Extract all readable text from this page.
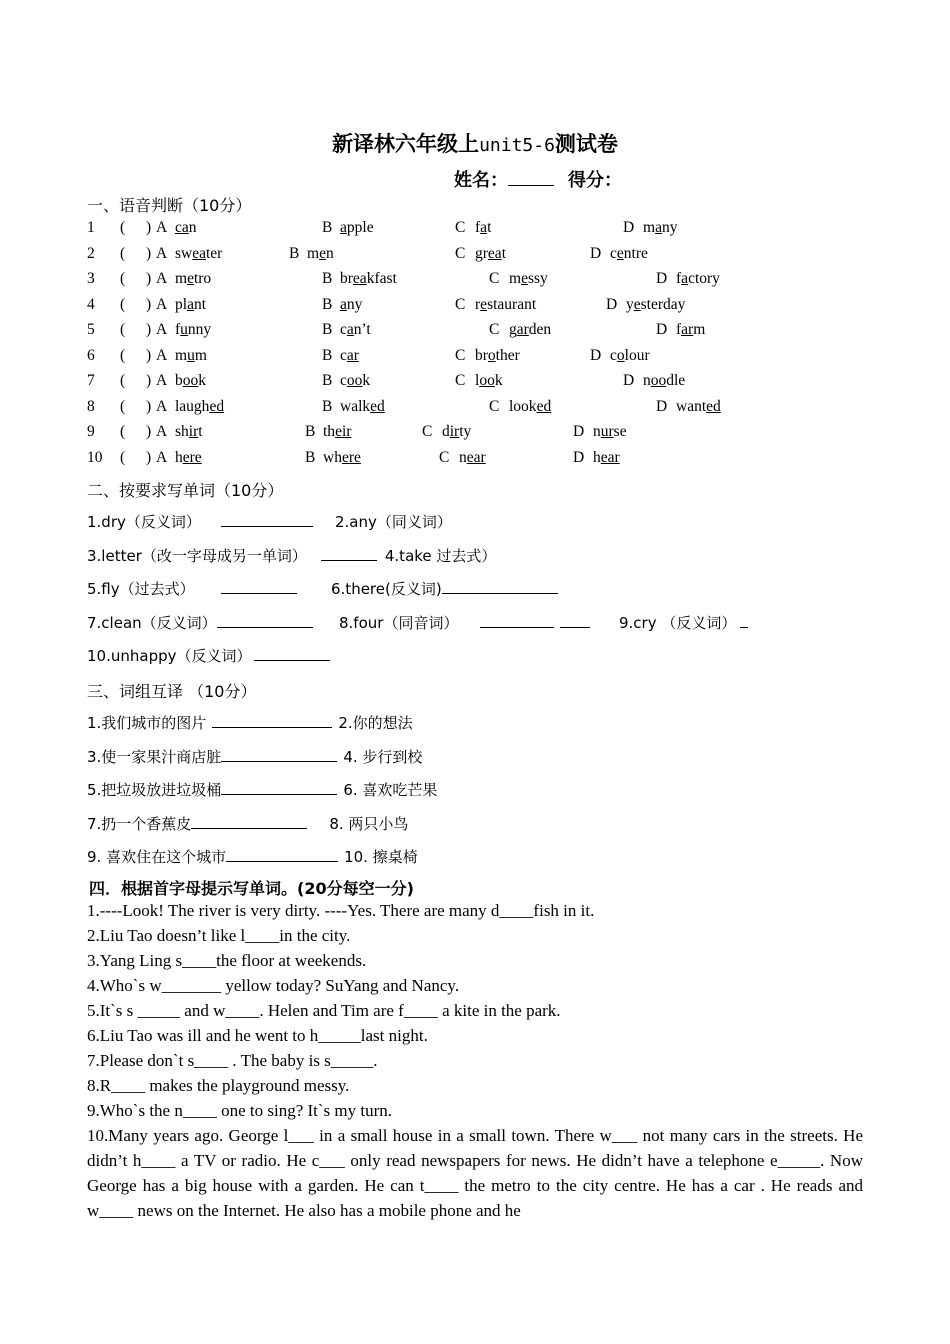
新译林六年级上unit5-6测试卷
姓名：	得分：
一、语音判断（10分）
1 ( ) A can	B apple	C fat	D many
2 ( ) A sweater	B men	C great	D centre
3 ( ) A metro	B breakfast	C messy	D factory
4 ( ) A plant	B any	C restaurant	D yesterday
5 ( ) A funny	B can’t	C garden	D farm
6 ( ) A mum	B car	C brother	D colour
7 ( ) A book	B cook	C look	D noodle
8 ( ) A laughed	B walked	C looked	D wanted
9 ( ) A shirt	B their	C dirty	D nurse
10 ( ) A here	B where	C near	D hear
二、按要求写单词（10分）
1.dry（反义词）	2.any（同义词）
3.letter（改一字母成另一单词）	4.take 过去式）
5.fly（过去式）	6.there(反义词)
7.clean（反义词）	8.four（同音词）	9.cry （反义词）
10.unhappy（反义词）
三、词组互译 （10分）
1.我们城市的图片	2.你的想法
3.使一家果汁商店脏	4. 步行到校
5.把垃圾放进垃圾桶	6. 喜欢吃芒果
7.扔一个香蕉皮	8. 两只小鸟
9. 喜欢住在这个城市	10. 擦桌椅
四．根据首字母提示写单词。(20分每空一分)
1.----Look! The river is very dirty. ----Yes. There are many d____fish in it.
2.Liu Tao doesn’t like l____in the city.
3.Yang Ling s____the floor at weekends.
4.Who`s w_______ yellow today? SuYang and Nancy.
5.It`s s _____ and w____. Helen and Tim are f____ a kite in the park.
6.Liu Tao was ill and he went to h_____last night.
7.Please don`t s____ . The baby is s_____.
8.R____ makes the playground messy.
9.Who`s the n____ one to sing? It`s my turn.
10.Many years ago. George l___ in a small house in a small town. There w___ not many cars in the streets. He didn’t h____ a TV or radio. He c___ only read newspapers for news. He didn’t have a telephone e_____. Now George has a big house with a garden. He can t____ the metro to the city centre. He has a car . He reads and w____ news on the Internet. He also has a mobile phone and he
